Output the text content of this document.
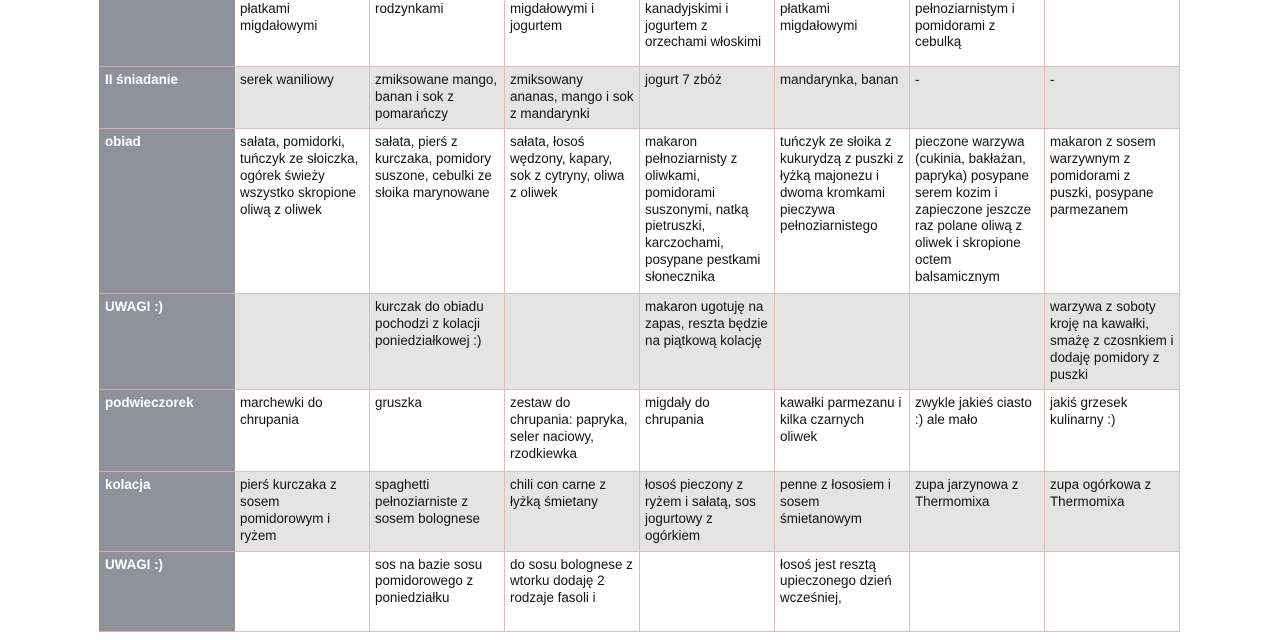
	płatkami migdałowymi	rodzynkami	migdałowymi i jogurtem	kanadyjskimi i jogurtem z orzechami włoskimi	płatkami migdałowymi	pełnoziarnistym i pomidorami z cebulką	
II śniadanie	serek waniliowy	zmiksowane mango, banan i sok z pomarańczy	zmiksowany ananas, mango i sok z mandarynki	jogurt 7 zbóż	mandarynka, banan	-	-
obiad	sałata, pomidorki, tuńczyk ze słoiczka, ogórek świeży wszystko skropione oliwą z oliwek	sałata, pierś z kurczaka, pomidory suszone, cebulki ze słoika marynowane	sałata, łosoś wędzony, kapary, sok z cytryny, oliwa z oliwek	makaron pełnoziarnisty z oliwkami, pomidorami suszonymi, natką pietruszki, karczochami, posypane pestkami słonecznika	tuńczyk ze słoika z kukurydzą z puszki z łyżką majonezu i dwoma kromkami pieczywa pełnoziarnistego	pieczone warzywa (cukinia, bakłażan, papryka) posypane serem kozim i zapieczone jeszcze raz polane oliwą z oliwek i skropione octem balsamicznym	makaron z sosem warzywnym z pomidorami z puszki, posypane parmezanem
UWAGI :)		kurczak do obiadu pochodzi z kolacji poniedziałkowej :)		makaron ugotuję na zapas, reszta będzie na piątkową kolację			warzywa z soboty kroję na kawałki, smażę z czosnkiem i dodaję pomidory z puszki
podwieczorek	marchewki do chrupania	gruszka	zestaw do chrupania: papryka, seler naciowy, rzodkiewka	migdały do chrupania	kawałki parmezanu i kilka czarnych oliwek	zwykle jakieś ciasto :) ale mało	jakiś grzesek kulinarny :)
kolacja	pierś kurczaka z sosem pomidorowym i ryżem	spaghetti pełnoziarniste z sosem bolognese	chili con carne z łyżką śmietany	łosoś pieczony z ryżem i sałatą, sos jogurtowy z ogórkiem	penne z łososiem i sosem śmietanowym	zupa jarzynowa z Thermomixa	zupa ogórkowa z Thermomixa
UWAGI :)		sos na bazie sosu pomidorowego z poniedziałku	do sosu bolognese z wtorku dodaję 2 rodzaje fasoli i		łosoś jest resztą upieczonego dzień wcześniej,		
